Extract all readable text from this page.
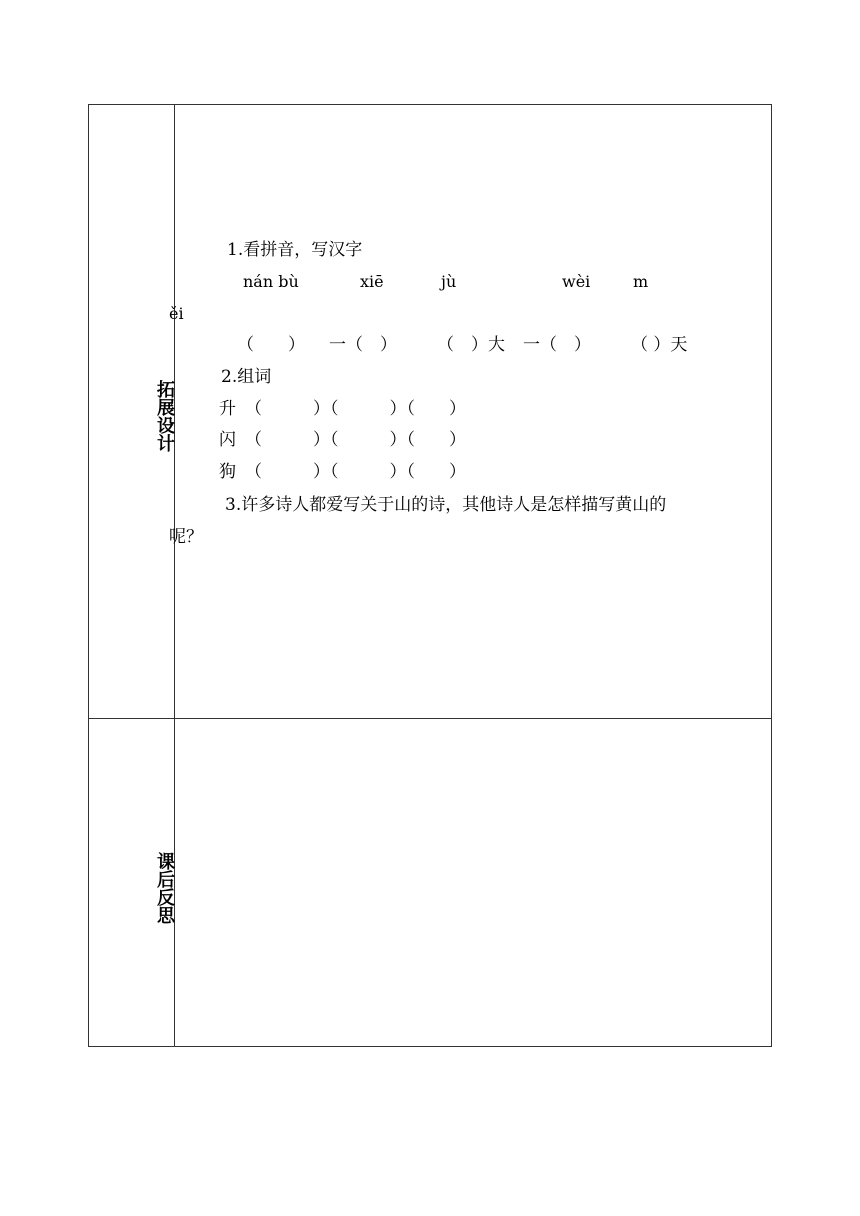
拓展设计
1.看拼音，写汉字
nán bù	xiē	jù	wèi	m
ěi
（　　） 一（　） （　）大 一（　） （ ）天
2.组词
升 （　　　）（　　　）（　　）
闪 （　　　）（　　　）（　　）
狗 （　　　）（　　　）（　　）
3.许多诗人都爱写关于山的诗，其他诗人是怎样描写黄山的
呢？
课后反思
